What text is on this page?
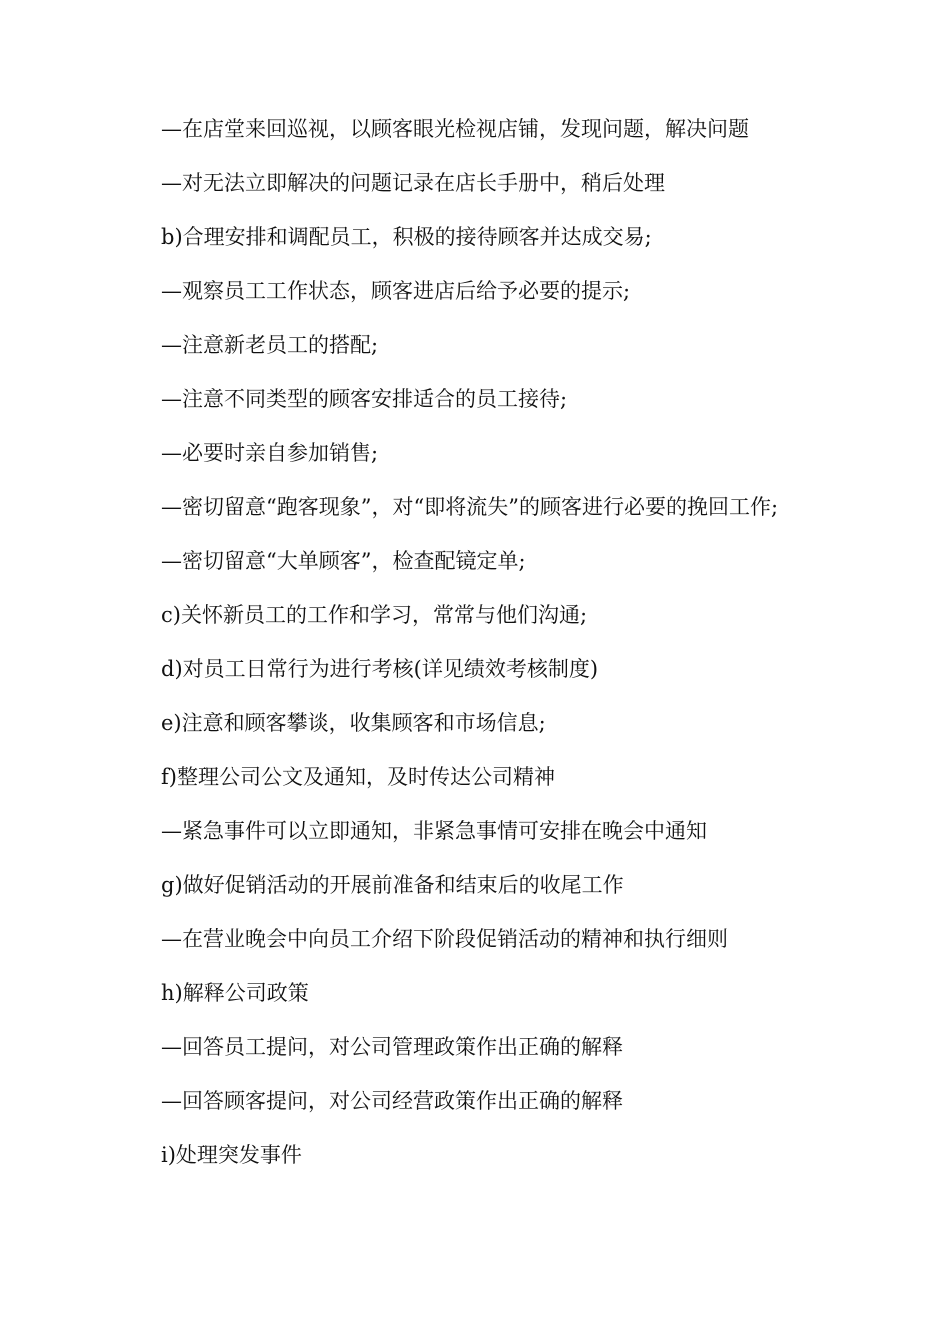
—在店堂来回巡视，以顾客眼光检视店铺，发现问题，解决问题

—对无法立即解决的问题记录在店长手册中，稍后处理

b)合理安排和调配员工，积极的接待顾客并达成交易;

—观察员工工作状态，顾客进店后给予必要的提示;

—注意新老员工的搭配;

—注意不同类型的顾客安排适合的员工接待;

—必要时亲自参加销售;

—密切留意“跑客现象”，对“即将流失”的顾客进行必要的挽回工作;

—密切留意“大单顾客”，检查配镜定单;

c)关怀新员工的工作和学习，常常与他们沟通;

d)对员工日常行为进行考核(详见绩效考核制度)

e)注意和顾客攀谈，收集顾客和市场信息;

f)整理公司公文及通知，及时传达公司精神

—紧急事件可以立即通知，非紧急事情可安排在晚会中通知

g)做好促销活动的开展前准备和结束后的收尾工作

—在营业晚会中向员工介绍下阶段促销活动的精神和执行细则

h)解释公司政策

—回答员工提问，对公司管理政策作出正确的解释

—回答顾客提问，对公司经营政策作出正确的解释

i)处理突发事件
